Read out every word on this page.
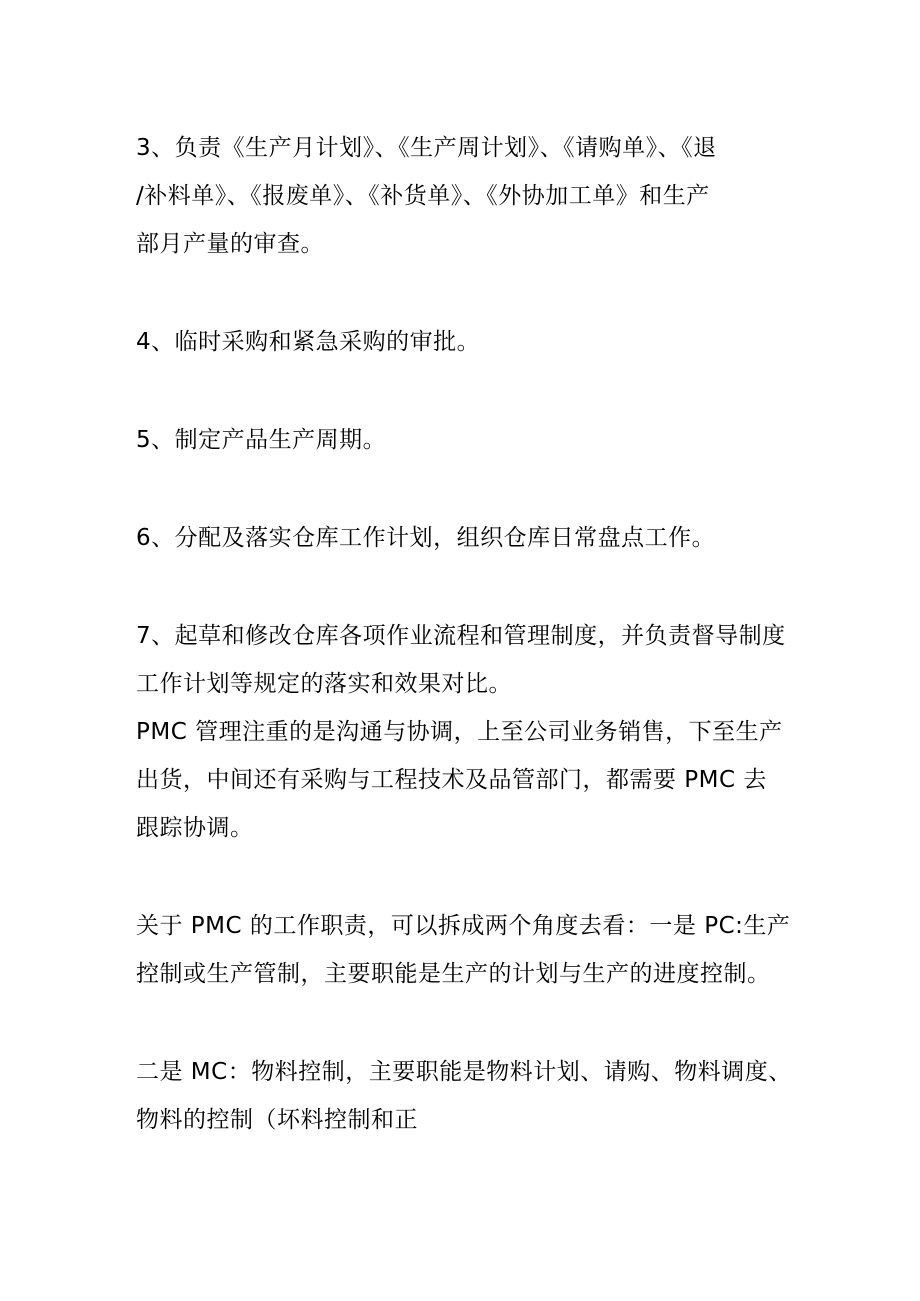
3、负责《生产月计划》、《生产周计划》、《请购单》、《退
/补料单》、《报废单》、《补货单》、《外协加工单》和生产
部月产量的审查。
4、临时采购和紧急采购的审批。
5、制定产品生产周期。
6、分配及落实仓库工作计划，组织仓库日常盘点工作。
7、起草和修改仓库各项作业流程和管理制度，并负责督导制度
工作计划等规定的落实和效果对比。
PMC 管理注重的是沟通与协调，上至公司业务销售，下至生产
出货，中间还有采购与工程技术及品管部门，都需要 PMC 去
跟踪协调。
关于 PMC 的工作职责，可以拆成两个角度去看：一是 PC:生产
控制或生产管制，主要职能是生产的计划与生产的进度控制。
二是 MC：物料控制，主要职能是物料计划、请购、物料调度、
物料的控制（坏料控制和正
